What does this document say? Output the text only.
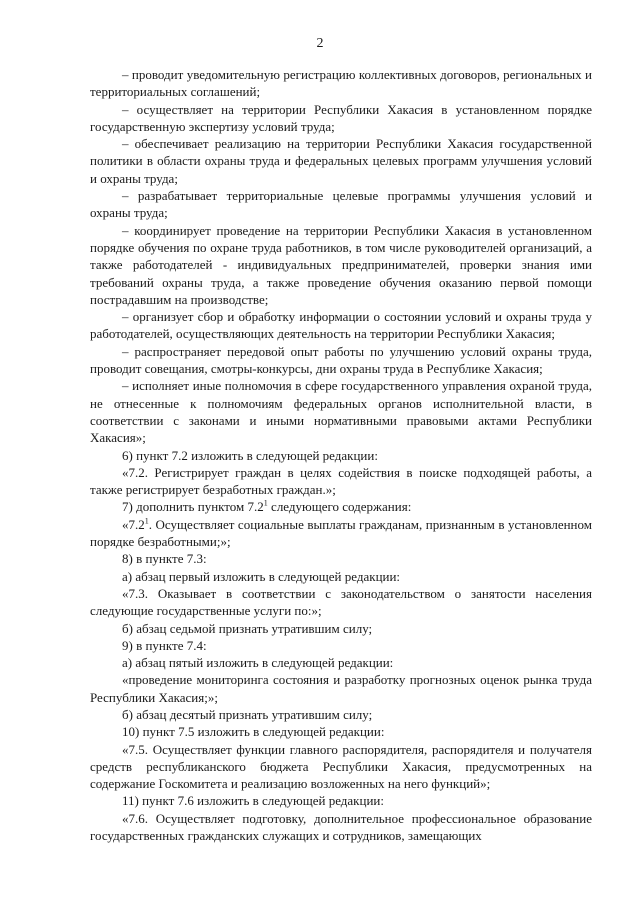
2

– проводит уведомительную регистрацию коллективных договоров, региональных и территориальных соглашений;

– осуществляет на территории Республики Хакасия в установленном порядке государственную экспертизу условий труда;

– обеспечивает реализацию на территории Республики Хакасия государственной политики в области охраны труда и федеральных целевых программ улучшения условий и охраны труда;

– разрабатывает территориальные целевые программы улучшения условий и охраны труда;

– координирует проведение на территории Республики Хакасия в установленном порядке обучения по охране труда работников, в том числе руководителей организаций, а также работодателей - индивидуальных предпринимателей, проверки знания ими требований охраны труда, а также проведение обучения оказанию первой помощи пострадавшим на производстве;

– организует сбор и обработку информации о состоянии условий и охраны труда у работодателей, осуществляющих деятельность на территории Республики Хакасия;

– распространяет передовой опыт работы по улучшению условий охраны труда, проводит совещания, смотры-конкурсы, дни охраны труда в Республике Хакасия;

– исполняет иные полномочия в сфере государственного управления охраной труда, не отнесенные к полномочиям федеральных органов исполнительной власти, в соответствии с законами и иными нормативными правовыми актами Республики Хакасия»;

6) пункт 7.2 изложить в следующей редакции:

«7.2. Регистрирует граждан в целях содействия в поиске подходящей работы, а также регистрирует безработных граждан.»;

7) дополнить пунктом $7.2^1$ следующего содержания:

«$7.2^1$. Осуществляет социальные выплаты гражданам, признанным в установленном порядке безработными;»;

8) в пункте 7.3:

а) абзац первый изложить в следующей редакции:

«7.3. Оказывает в соответствии с законодательством о занятости населения следующие государственные услуги по:»;

б) абзац седьмой признать утратившим силу;

9) в пункте 7.4:

а) абзац пятый изложить в следующей редакции:

«проведение мониторинга состояния и разработку прогнозных оценок рынка труда Республики Хакасия;»;

б) абзац десятый признать утратившим силу;

10) пункт 7.5 изложить в следующей редакции:

«7.5. Осуществляет функции главного распорядителя, распорядителя и получателя средств республиканского бюджета Республики Хакасия, предусмотренных на содержание Госкомитета и реализацию возложенных на него функций»;

11) пункт 7.6 изложить в следующей редакции:

«7.6. Осуществляет подготовку, дополнительное профессиональное образование государственных гражданских служащих и сотрудников, замещающих
